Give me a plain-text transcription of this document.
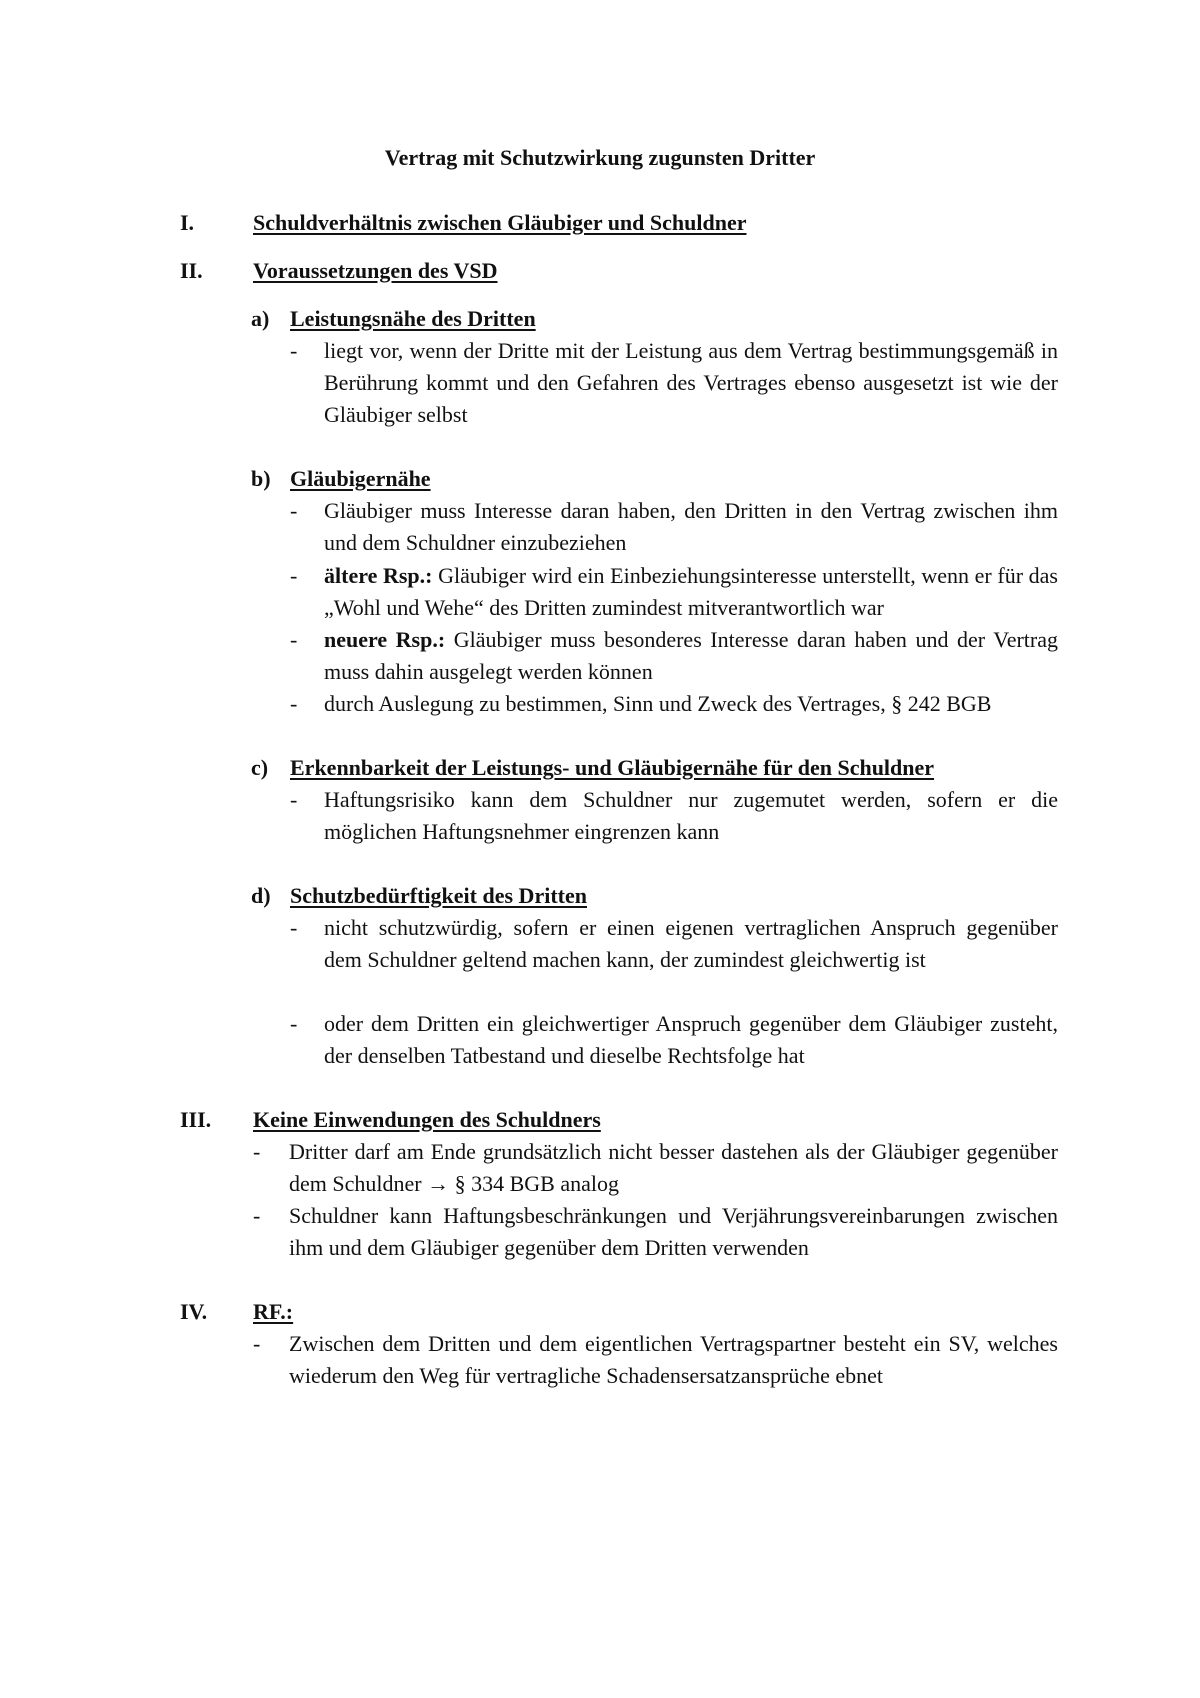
Vertrag mit Schutzwirkung zugunsten Dritter
I.	Schuldverhältnis zwischen Gläubiger und Schuldner
II. Voraussetzungen des VSD
a) Leistungsnähe des Dritten
- liegt vor, wenn der Dritte mit der Leistung aus dem Vertrag bestimmungsgemäß in Berührung kommt und den Gefahren des Vertrages ebenso ausgesetzt ist wie der Gläubiger selbst
b) Gläubigernähe
- Gläubiger muss Interesse daran haben, den Dritten in den Vertrag zwischen ihm und dem Schuldner einzubeziehen
- ältere Rsp.: Gläubiger wird ein Einbeziehungsinteresse unterstellt, wenn er für das „Wohl und Wehe“ des Dritten zumindest mitverantwortlich war
- neuere Rsp.: Gläubiger muss besonderes Interesse daran haben und der Vertrag muss dahin ausgelegt werden können
- durch Auslegung zu bestimmen, Sinn und Zweck des Vertrages, § 242 BGB
c) Erkennbarkeit der Leistungs- und Gläubigernähe für den Schuldner
- Haftungsrisiko kann dem Schuldner nur zugemutet werden, sofern er die möglichen Haftungsnehmer eingrenzen kann
d) Schutzbedürftigkeit des Dritten
- nicht schutzwürdig, sofern er einen eigenen vertraglichen Anspruch gegenüber dem Schuldner geltend machen kann, der zumindest gleichwertig ist
- oder dem Dritten ein gleichwertiger Anspruch gegenüber dem Gläubiger zusteht, der denselben Tatbestand und dieselbe Rechtsfolge hat
III. Keine Einwendungen des Schuldners
- Dritter darf am Ende grundsätzlich nicht besser dastehen als der Gläubiger gegenüber dem Schuldner → § 334 BGB analog
- Schuldner kann Haftungsbeschränkungen und Verjährungsvereinbarungen zwischen ihm und dem Gläubiger gegenüber dem Dritten verwenden
IV. RF.:
- Zwischen dem Dritten und dem eigentlichen Vertragspartner besteht ein SV, welches wiederum den Weg für vertragliche Schadensersatzansprüche ebnet
